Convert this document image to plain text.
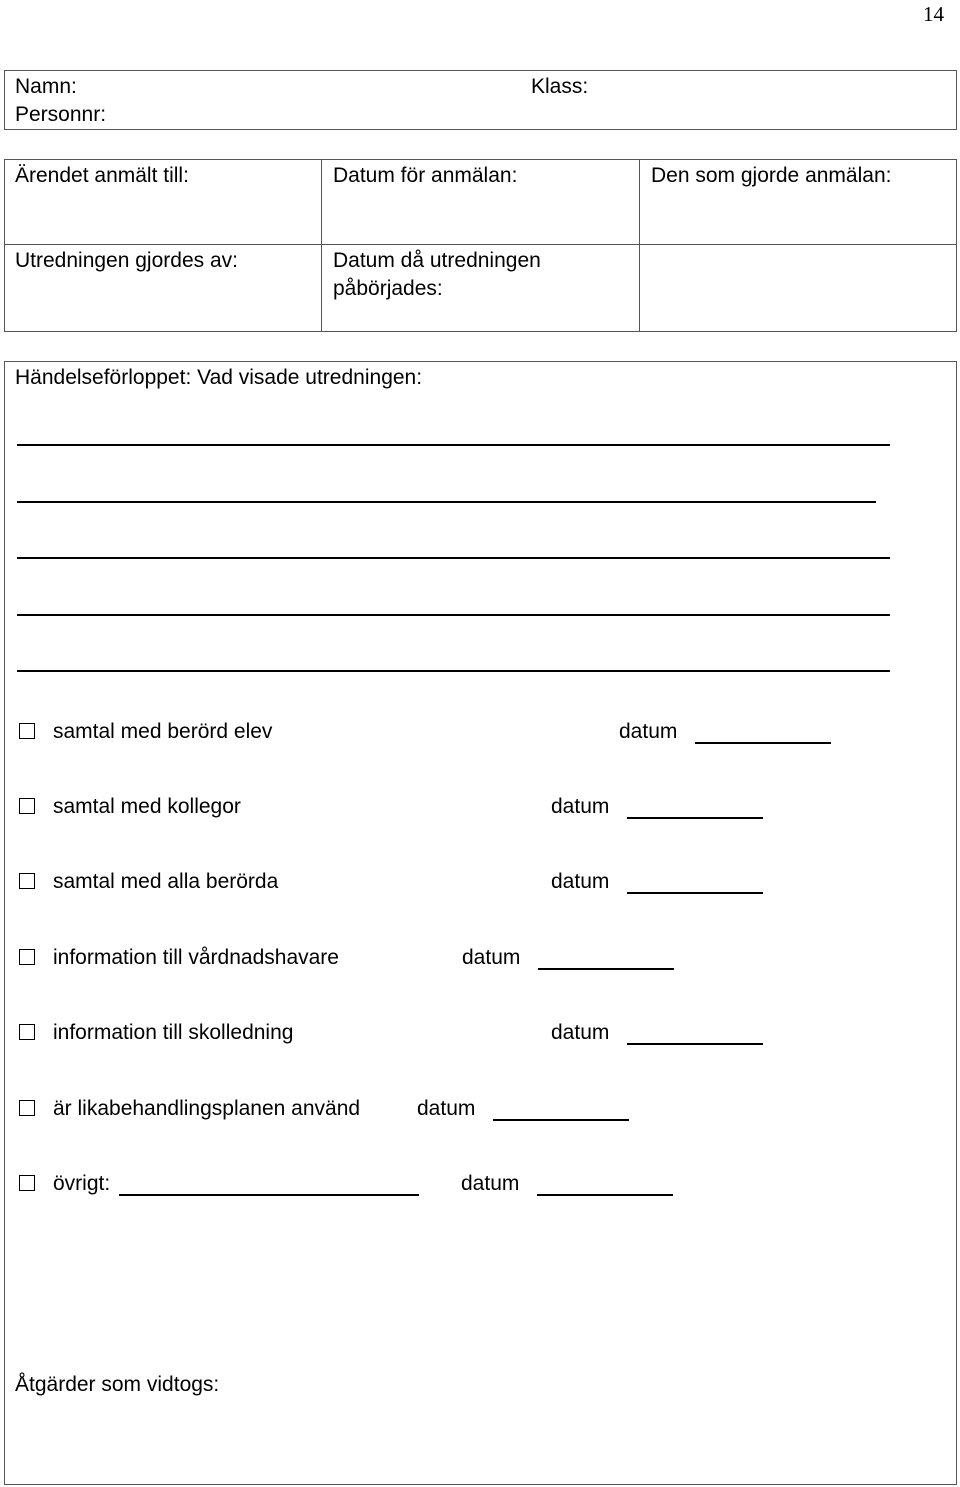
14
Namn:	Klass:
Personnr:
Ärendet anmält till:	Datum för anmälan:	Den som gjorde anmälan:
Utredningen gjordes av:	Datum då utredningen
påbörjades:
Händelseförloppet: Vad visade utredningen:
samtal med berörd elev	datum
samtal med kollegor	datum
samtal med alla berörda	datum
information till vårdnadshavare	datum
information till skolledning	datum
är likabehandlingsplanen använd	datum
övrigt:	datum
Åtgärder som vidtogs:
